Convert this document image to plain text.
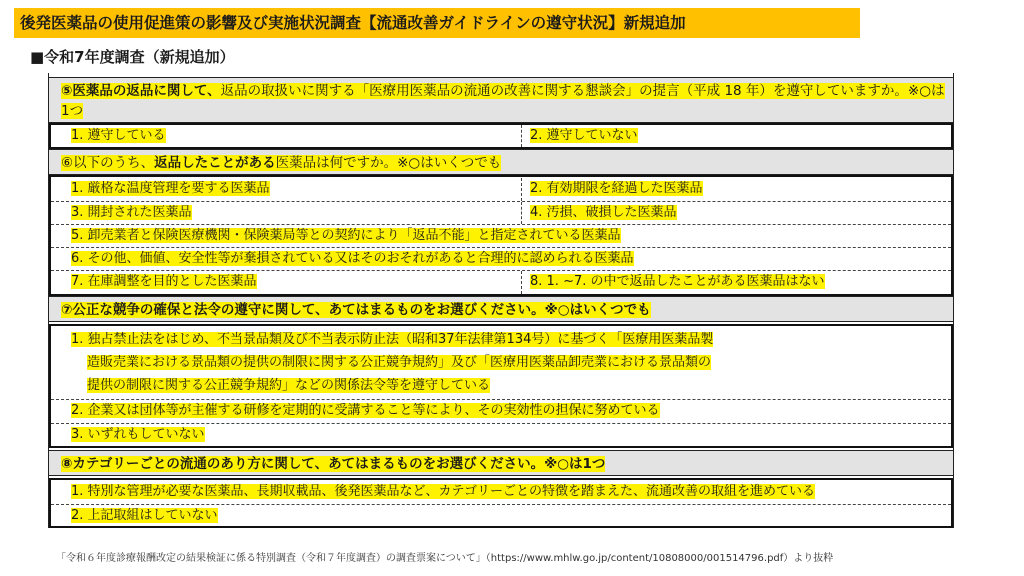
後発医薬品の使用促進策の影響及び実施状況調査【流通改善ガイドラインの遵守状況】新規追加
■令和7年度調査（新規追加）
⑤医薬品の返品に関して、返品の取扱いに関する「医療用医薬品の流通の改善に関する懇談会」の提言（平成 18 年）を遵守していますか。※○は1つ
1. 遵守している	2. 遵守していない
⑥以下のうち、返品したことがある医薬品は何ですか。※○はいくつでも
1. 厳格な温度管理を要する医薬品	2. 有効期限を経過した医薬品
3. 開封された医薬品	4. 汚損、破損した医薬品
5. 卸売業者と保険医療機関・保険薬局等との契約により「返品不能」と指定されている医薬品
6. その他、価値、安全性等が棄損されている又はそのおそれがあると合理的に認められる医薬品
7. 在庫調整を目的とした医薬品	8. 1. ~7. の中で返品したことがある医薬品はない
⑦公正な競争の確保と法令の遵守に関して、あてはまるものをお選びください。※○はいくつでも
1. 独占禁止法をはじめ、不当景品類及び不当表示防止法（昭和37年法律第134号）に基づく「医療用医薬品製
造販売業における景品類の提供の制限に関する公正競争規約」及び「医療用医薬品卸売業における景品類の
提供の制限に関する公正競争規約」などの関係法令等を遵守している
2. 企業又は団体等が主催する研修を定期的に受講すること等により、その実効性の担保に努めている
3. いずれもしていない
⑧カテゴリーごとの流通のあり方に関して、あてはまるものをお選びください。※○は1つ
1. 特別な管理が必要な医薬品、長期収載品、後発医薬品など、カテゴリーごとの特徴を踏まえた、流通改善の取組を進めている
2. 上記取組はしていない
「令和６年度診療報酬改定の結果検証に係る特別調査（令和７年度調査）の調査票案について」（https://www.mhlw.go.jp/content/10808000/001514796.pdf）より抜粋
